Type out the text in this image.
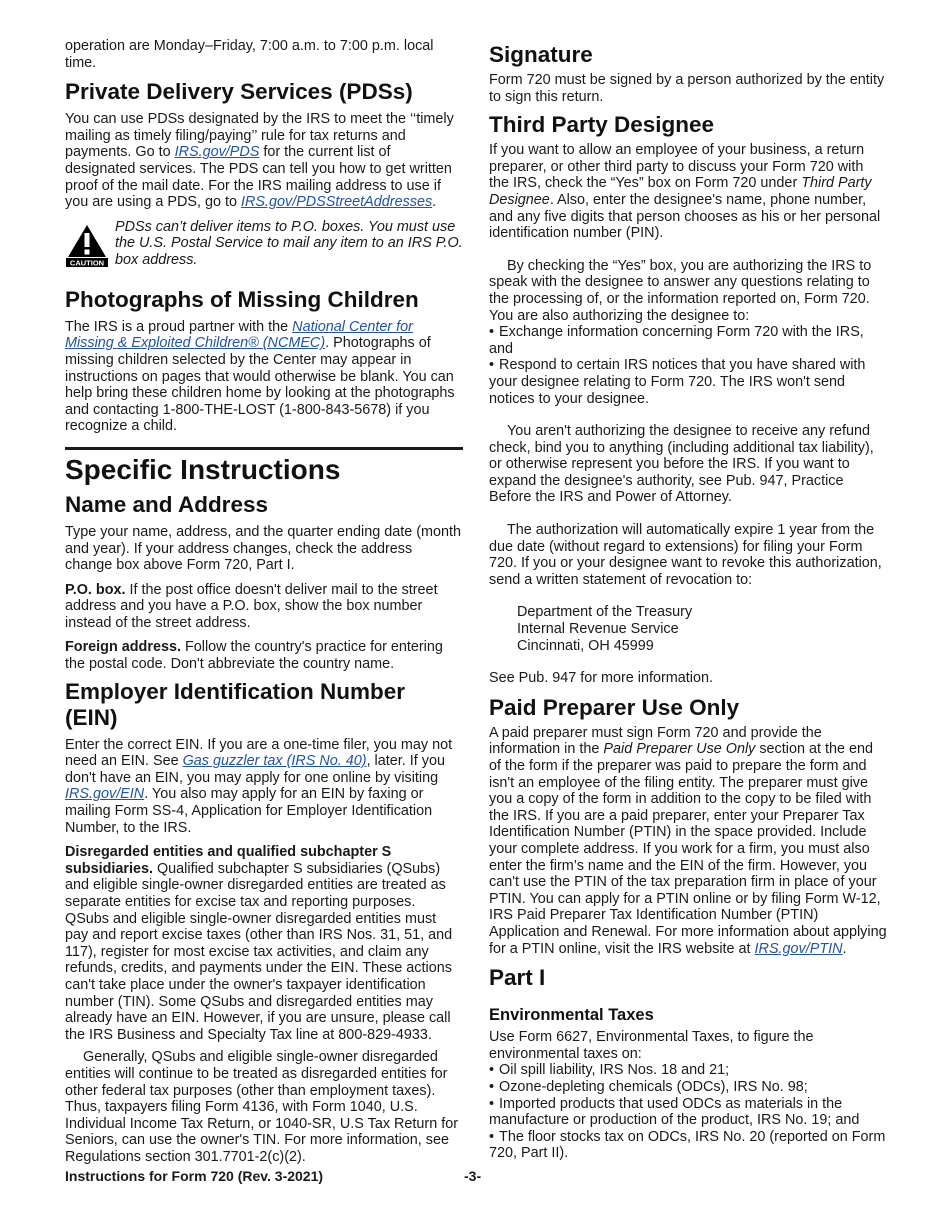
operation are Monday–Friday, 7:00 a.m. to 7:00 p.m. local time.

Private Delivery Services (PDSs)

You can use PDSs designated by the IRS to meet the ‘‘timely mailing as timely filing/paying’’ rule for tax returns and payments. Go to IRS.gov/PDS for the current list of designated services. The PDS can tell you how to get written proof of the mail date. For the IRS mailing address to use if you are using a PDS, go to IRS.gov/PDSStreetAddresses.

CAUTION

PDSs can’t deliver items to P.O. boxes. You must use the U.S. Postal Service to mail any item to an IRS P.O. box address.

Photographs of Missing Children

The IRS is a proud partner with the National Center for Missing & Exploited Children® (NCMEC). Photographs of missing children selected by the Center may appear in instructions on pages that would otherwise be blank. You can help bring these children home by looking at the photographs and contacting 1-800-THE-LOST (1-800-843-5678) if you recognize a child.

Specific Instructions
Name and Address

Type your name, address, and the quarter ending date (month and year). If your address changes, check the address change box above Form 720, Part I.

P.O. box. If the post office doesn't deliver mail to the street address and you have a P.O. box, show the box number instead of the street address.

Foreign address. Follow the country's practice for entering the postal code. Don't abbreviate the country name.

Employer Identification Number (EIN)

Enter the correct EIN. If you are a one-time filer, you may not need an EIN. See Gas guzzler tax (IRS No. 40), later. If you don't have an EIN, you may apply for one online by visiting IRS.gov/EIN. You also may apply for an EIN by faxing or mailing Form SS-4, Application for Employer Identification Number, to the IRS.

Disregarded entities and qualified subchapter S subsidiaries. Qualified subchapter S subsidiaries (QSubs) and eligible single-owner disregarded entities are treated as separate entities for excise tax and reporting purposes. QSubs and eligible single-owner disregarded entities must pay and report excise taxes (other than IRS Nos. 31, 51, and 117), register for most excise tax activities, and claim any refunds, credits, and payments under the EIN. These actions can't take place under the owner's taxpayer identification number (TIN). Some QSubs and disregarded entities may already have an EIN. However, if you are unsure, please call the IRS Business and Specialty Tax line at 800-829-4933.

Generally, QSubs and eligible single-owner disregarded entities will continue to be treated as disregarded entities for other federal tax purposes (other than employment taxes). Thus, taxpayers filing Form 4136, with Form 1040, U.S. Individual Income Tax Return, or 1040-SR, U.S Tax Return for Seniors, can use the owner's TIN. For more information, see Regulations section 301.7701-2(c)(2).

Signature

Form 720 must be signed by a person authorized by the entity to sign this return.

Third Party Designee

If you want to allow an employee of your business, a return preparer, or other third party to discuss your Form 720 with the IRS, check the “Yes” box on Form 720 under Third Party Designee. Also, enter the designee's name, phone number, and any five digits that person chooses as his or her personal identification number (PIN).

By checking the “Yes” box, you are authorizing the IRS to speak with the designee to answer any questions relating to the processing of, or the information reported on, Form 720. You are also authorizing the designee to:

• Exchange information concerning Form 720 with the IRS, and

• Respond to certain IRS notices that you have shared with your designee relating to Form 720. The IRS won't send notices to your designee.

You aren't authorizing the designee to receive any refund check, bind you to anything (including additional tax liability), or otherwise represent you before the IRS. If you want to expand the designee's authority, see Pub. 947, Practice Before the IRS and Power of Attorney.

The authorization will automatically expire 1 year from the due date (without regard to extensions) for filing your Form 720. If you or your designee want to revoke this authorization, send a written statement of revocation to:

Department of the Treasury

Internal Revenue Service

Cincinnati, OH 45999

See Pub. 947 for more information.

Paid Preparer Use Only

A paid preparer must sign Form 720 and provide the information in the Paid Preparer Use Only section at the end of the form if the preparer was paid to prepare the form and isn't an employee of the filing entity. The preparer must give you a copy of the form in addition to the copy to be filed with the IRS. If you are a paid preparer, enter your Preparer Tax Identification Number (PTIN) in the space provided. Include your complete address. If you work for a firm, you must also enter the firm’s name and the EIN of the firm. However, you can't use the PTIN of the tax preparation firm in place of your PTIN. You can apply for a PTIN online or by filing Form W-12, IRS Paid Preparer Tax Identification Number (PTIN) Application and Renewal. For more information about applying for a PTIN online, visit the IRS website at IRS.gov/PTIN.

Part I
Environmental Taxes

Use Form 6627, Environmental Taxes, to figure the environmental taxes on:

• Oil spill liability, IRS Nos. 18 and 21;

• Ozone-depleting chemicals (ODCs), IRS No. 98;

• Imported products that used ODCs as materials in the manufacture or production of the product, IRS No. 19; and

• The floor stocks tax on ODCs, IRS No. 20 (reported on Form 720, Part II).

Instructions for Form 720 (Rev. 3-2021)	-3-
